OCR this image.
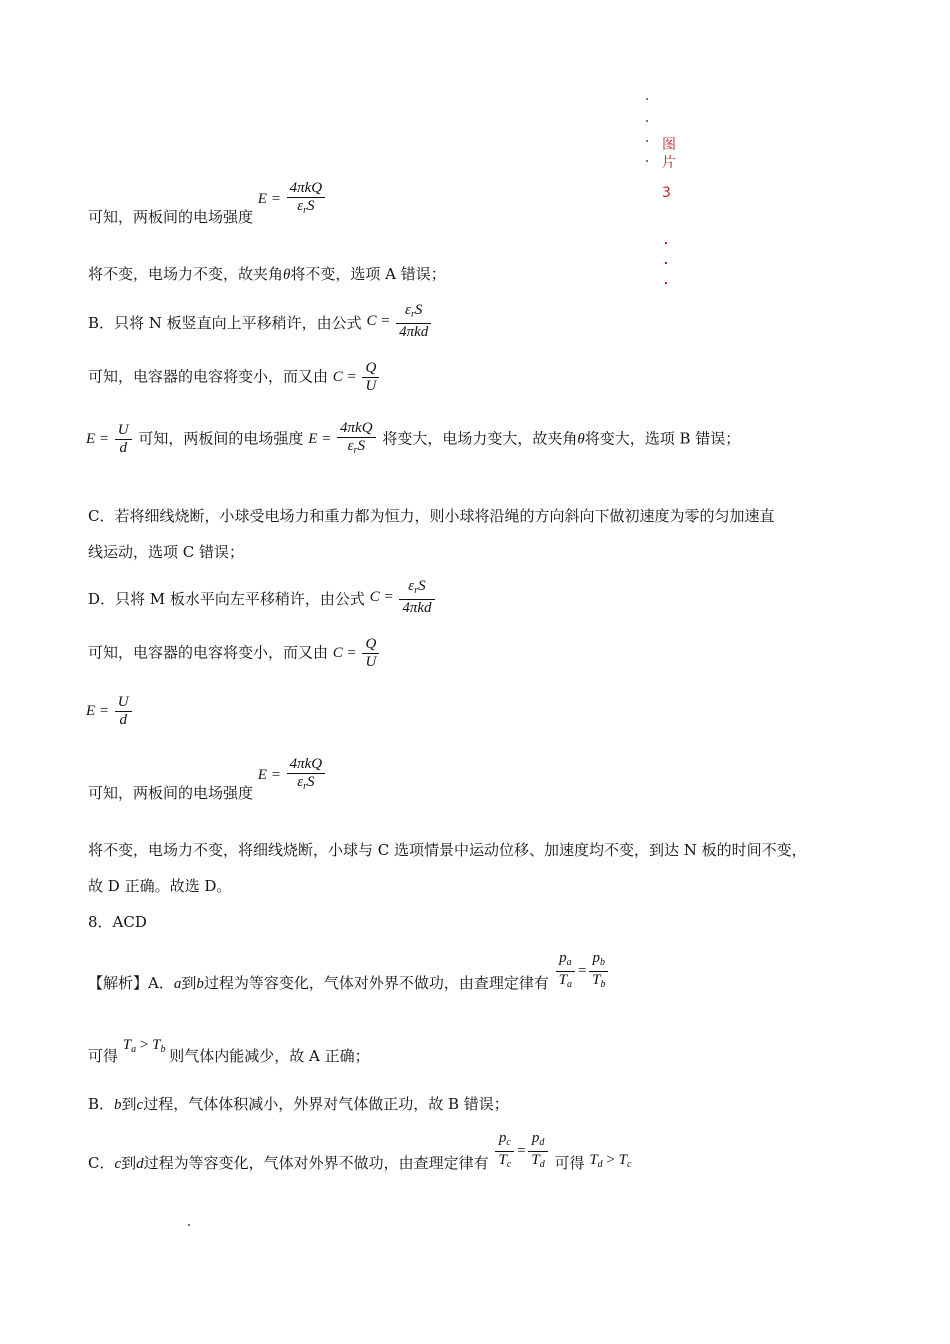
图
片
3
可知，两板间的电场强度 $E = \frac{\text{4πkQ}}{\varepsilon_rS}$
将不变，电场力不变，故夹角θ将不变，选项 A 错误；
B．只将 N 板竖直向上平移稍许，由公式 $C = \frac{\varepsilon_rS}{\text{4πkd}}$
可知，电容器的电容将变小，而又由 $C = \frac{Q}{U}$
$E = \frac{U}{d}$ 可知，两板间的电场强度 $E = \frac{\text{4πkQ}}{\varepsilon_rS}$ 将变大，电场力变大，故夹角θ将变大，选项 B 错误；
C．若将细线烧断，小球受电场力和重力都为恒力，则小球将沿绳的方向斜向下做初速度为零的匀加速直
线运动，选项 C 错误；
D．只将 M 板水平向左平移稍许，由公式 $C = \frac{\varepsilon_rS}{\text{4πkd}}$
可知，电容器的电容将变小，而又由 $C = \frac{Q}{U}$
$E = \frac{U}{d}$
可知，两板间的电场强度 $E = \frac{\text{4πkQ}}{\varepsilon_rS}$
将不变，电场力不变，将细线烧断，小球与 C 选项情景中运动位移、加速度均不变，到达 N 板的时间不变，
故 D 正确。故选 D。
8．ACD
【解析】A．a到b过程为等容变化，气体对外界不做功，由查理定律有 $\frac{p_a}{T_a} = \frac{p_b}{T_b}$
可得 $T_a > T_b$ 则气体内能减少，故 A 正确；
B．b到c过程，气体体积减小，外界对气体做正功，故 B 错误；
C．c到d过程为等容变化，气体对外界不做功，由查理定律有 $\frac{p_c}{T_c} = \frac{p_d}{T_d}$ 可得 $T_d > T_c$
